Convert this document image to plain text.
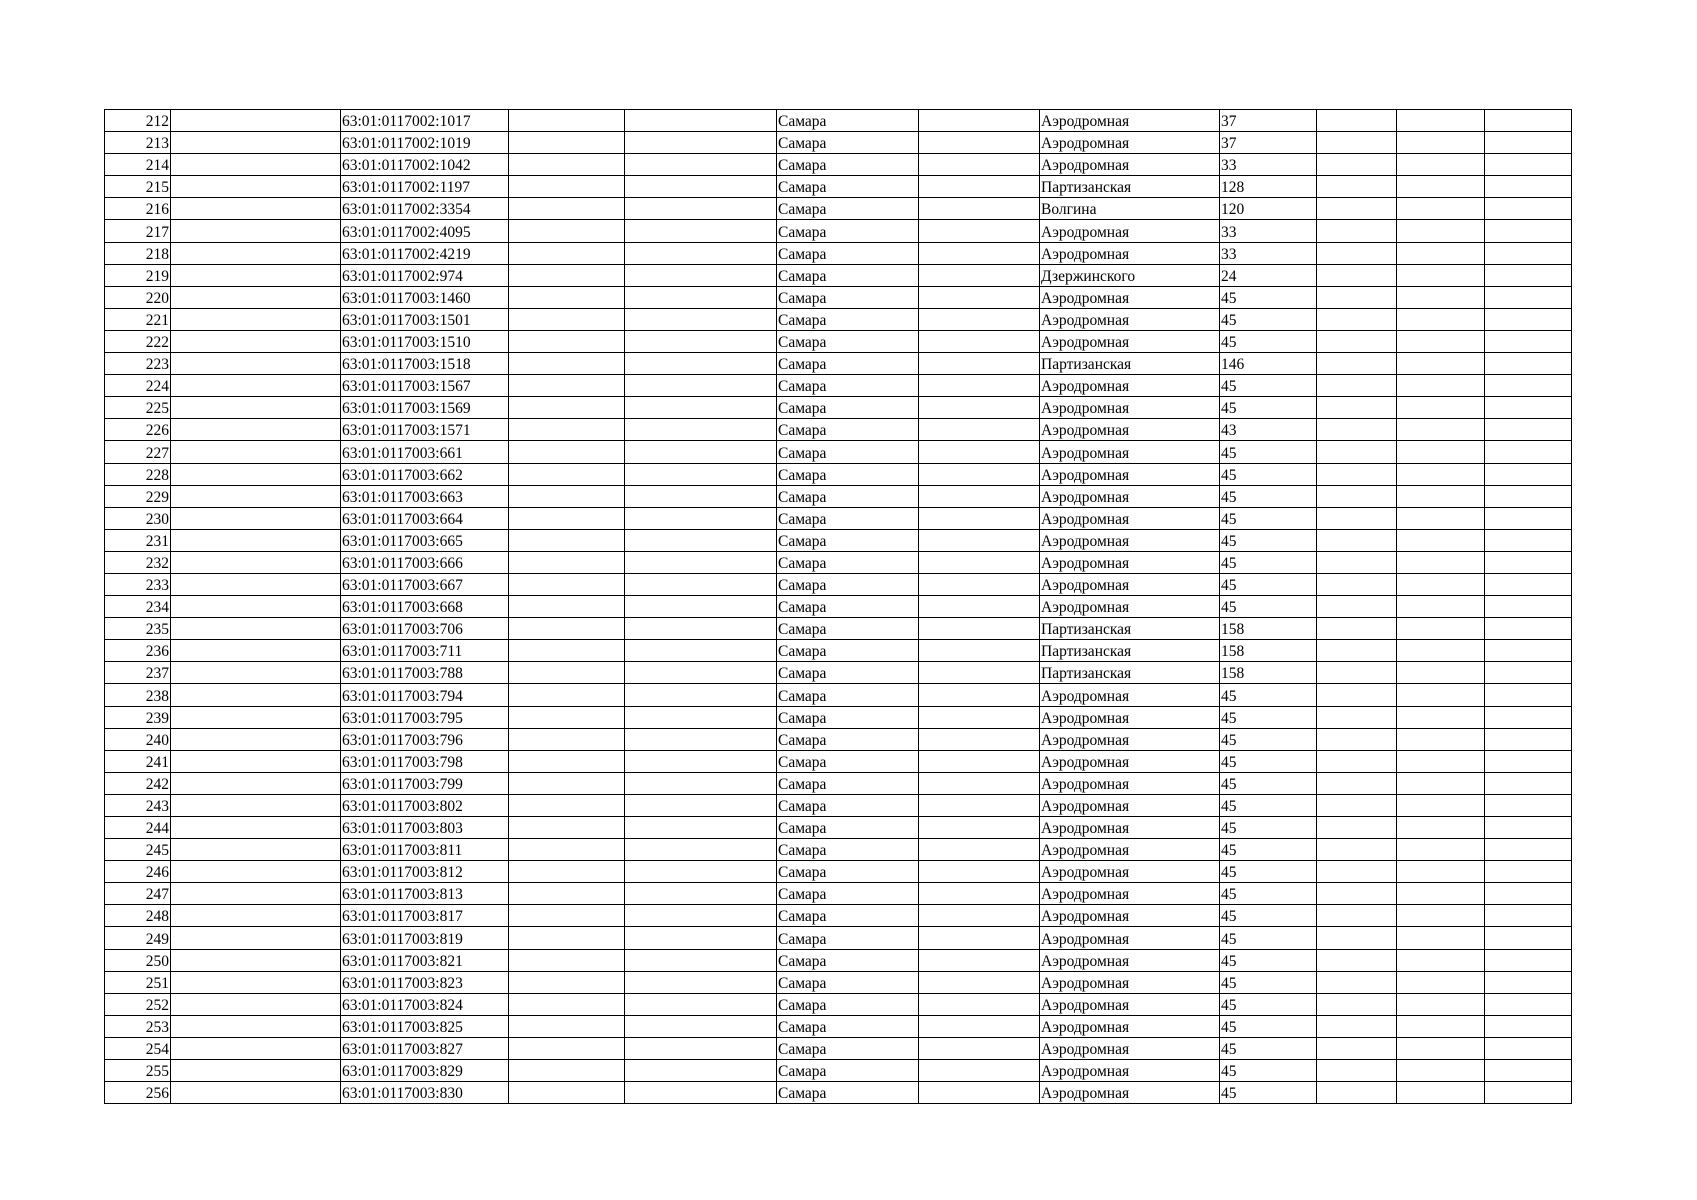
212		63:01:0117002:1017			Самара		Аэродромная	37			
213		63:01:0117002:1019			Самара		Аэродромная	37			
214		63:01:0117002:1042			Самара		Аэродромная	33			
215		63:01:0117002:1197			Самара		Партизанская	128			
216		63:01:0117002:3354			Самара		Волгина	120			
217		63:01:0117002:4095			Самара		Аэродромная	33			
218		63:01:0117002:4219			Самара		Аэродромная	33			
219		63:01:0117002:974			Самара		Дзержинского	24			
220		63:01:0117003:1460			Самара		Аэродромная	45			
221		63:01:0117003:1501			Самара		Аэродромная	45			
222		63:01:0117003:1510			Самара		Аэродромная	45			
223		63:01:0117003:1518			Самара		Партизанская	146			
224		63:01:0117003:1567			Самара		Аэродромная	45			
225		63:01:0117003:1569			Самара		Аэродромная	45			
226		63:01:0117003:1571			Самара		Аэродромная	43			
227		63:01:0117003:661			Самара		Аэродромная	45			
228		63:01:0117003:662			Самара		Аэродромная	45			
229		63:01:0117003:663			Самара		Аэродромная	45			
230		63:01:0117003:664			Самара		Аэродромная	45			
231		63:01:0117003:665			Самара		Аэродромная	45			
232		63:01:0117003:666			Самара		Аэродромная	45			
233		63:01:0117003:667			Самара		Аэродромная	45			
234		63:01:0117003:668			Самара		Аэродромная	45			
235		63:01:0117003:706			Самара		Партизанская	158			
236		63:01:0117003:711			Самара		Партизанская	158			
237		63:01:0117003:788			Самара		Партизанская	158			
238		63:01:0117003:794			Самара		Аэродромная	45			
239		63:01:0117003:795			Самара		Аэродромная	45			
240		63:01:0117003:796			Самара		Аэродромная	45			
241		63:01:0117003:798			Самара		Аэродромная	45			
242		63:01:0117003:799			Самара		Аэродромная	45			
243		63:01:0117003:802			Самара		Аэродромная	45			
244		63:01:0117003:803			Самара		Аэродромная	45			
245		63:01:0117003:811			Самара		Аэродромная	45			
246		63:01:0117003:812			Самара		Аэродромная	45			
247		63:01:0117003:813			Самара		Аэродромная	45			
248		63:01:0117003:817			Самара		Аэродромная	45			
249		63:01:0117003:819			Самара		Аэродромная	45			
250		63:01:0117003:821			Самара		Аэродромная	45			
251		63:01:0117003:823			Самара		Аэродромная	45			
252		63:01:0117003:824			Самара		Аэродромная	45			
253		63:01:0117003:825			Самара		Аэродромная	45			
254		63:01:0117003:827			Самара		Аэродромная	45			
255		63:01:0117003:829			Самара		Аэродромная	45			
256		63:01:0117003:830			Самара		Аэродромная	45			
